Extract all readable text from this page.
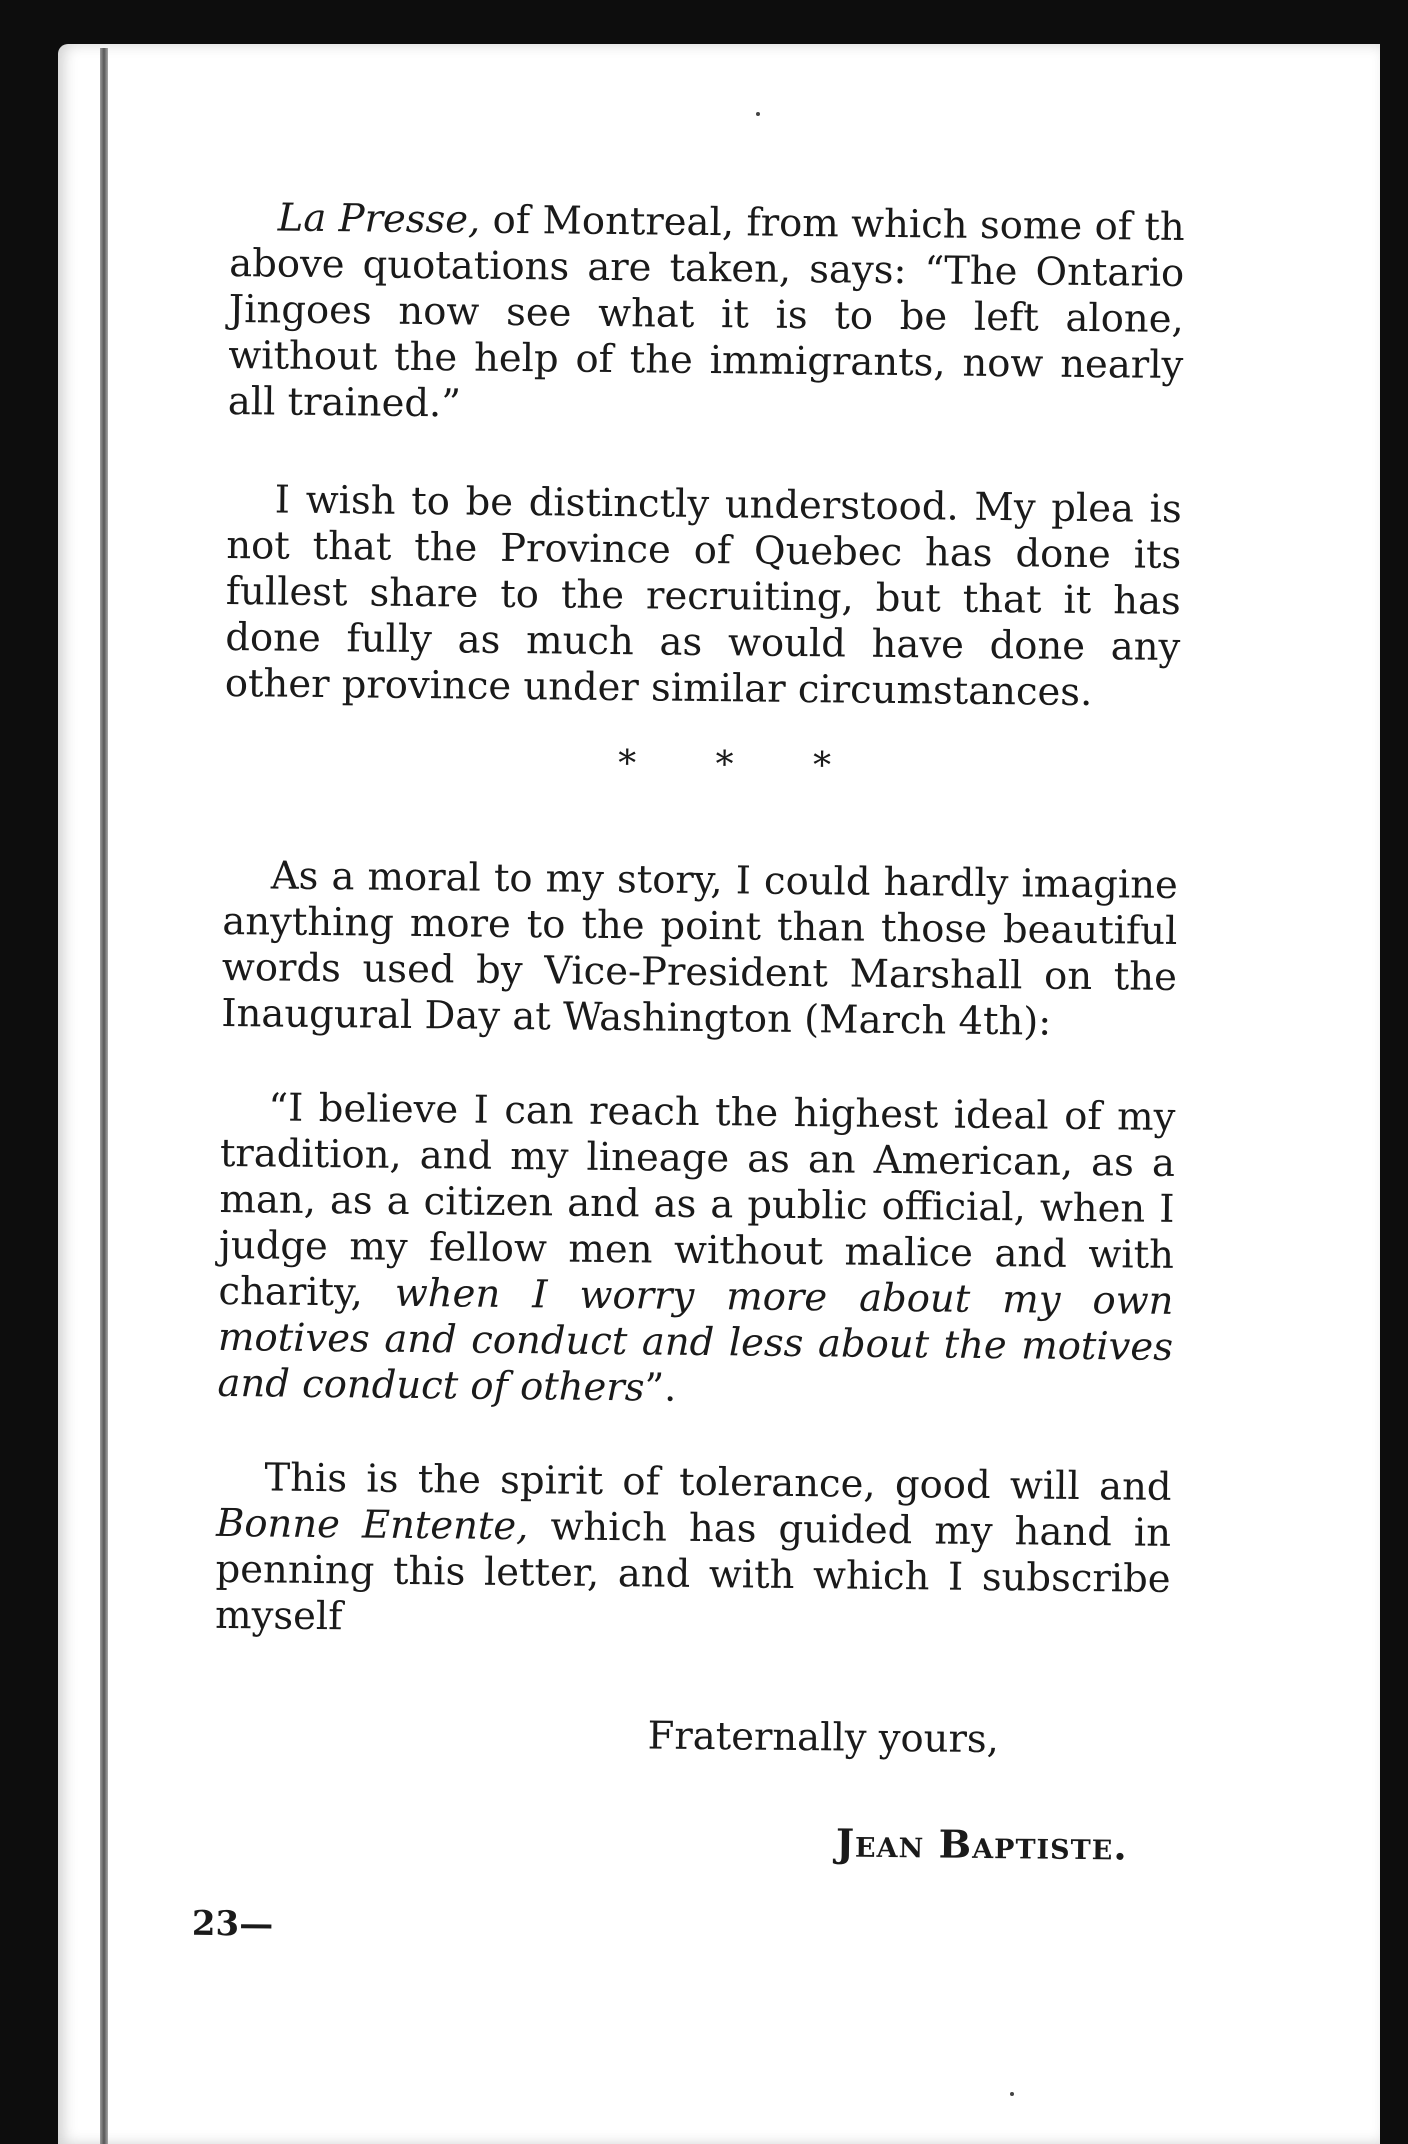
La Presse, of Montreal, from which some of th above quotations are taken, says: “The Ontario Jingoes now see what it is to be left alone, without the help of the immigrants, now nearly all trained.”

I wish to be distinctly understood. My plea is not that the Province of Quebec has done its fullest share to the recruiting, but that it has done fully as much as would have done any other province under similar circumstances.

* * *

As a moral to my story, I could hardly imagine anything more to the point than those beautiful words used by Vice-President Marshall on the Inaugural Day at Washington (March 4th):

“I believe I can reach the highest ideal of my tradition, and my lineage as an American, as a man, as a citizen and as a public official, when I judge my fellow men without malice and with charity, when I worry more about my own motives and conduct and less about the motives and conduct of others”.

This is the spirit of tolerance, good will and Bonne Entente, which has guided my hand in penning this letter, and with which I subscribe myself

Fraternally yours,
Jean Baptiste.
23—
